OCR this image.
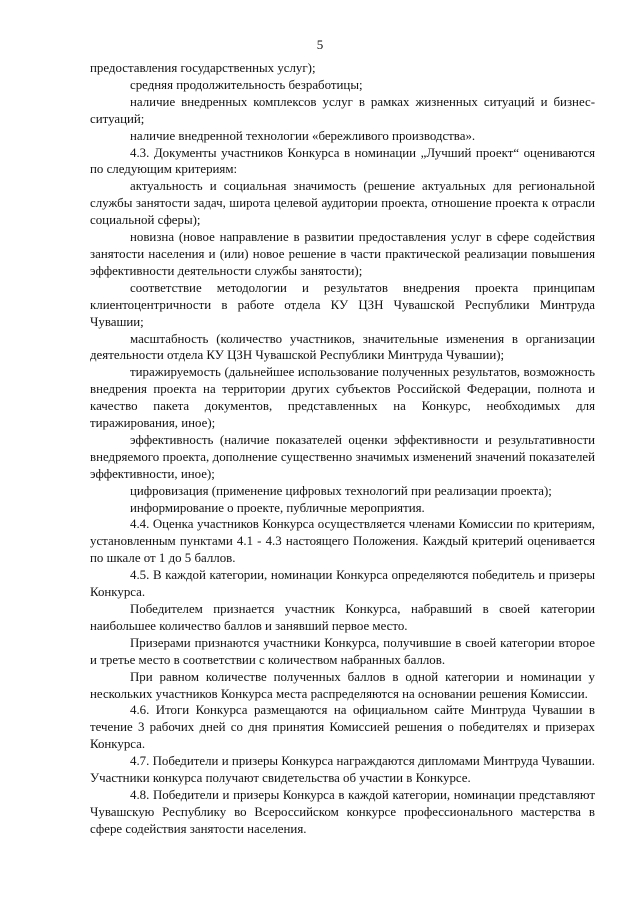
5

предоставления государственных услуг);

средняя продолжительность безработицы;

наличие внедренных комплексов услуг в рамках жизненных ситуаций и бизнес-ситуаций;

наличие внедренной технологии «бережливого производства».

4.3. Документы участников Конкурса в номинации „Лучший проект“ оцениваются по следующим критериям:

актуальность и социальная значимость (решение актуальных для региональной службы занятости задач, широта целевой аудитории проекта, отношение проекта к отрасли социальной сферы);

новизна (новое направление в развитии предоставления услуг в сфере содействия занятости населения и (или) новое решение в части практической реализации повышения эффективности деятельности службы занятости);

соответствие методологии и результатов внедрения проекта принципам клиентоцентричности в работе отдела КУ ЦЗН Чувашской Республики Минтруда Чувашии;

масштабность (количество участников, значительные изменения в организации деятельности отдела КУ ЦЗН Чувашской Республики Минтруда Чувашии);

тиражируемость (дальнейшее использование полученных результатов, возможность внедрения проекта на территории других субъектов Российской Федерации, полнота и качество пакета документов, представленных на Конкурс, необходимых для тиражирования, иное);

эффективность (наличие показателей оценки эффективности и результативности внедряемого проекта, дополнение существенно значимых изменений значений показателей эффективности, иное);

цифровизация (применение цифровых технологий при реализации проекта);

информирование о проекте, публичные мероприятия.

4.4. Оценка участников Конкурса осуществляется членами Комиссии по критериям, установленным пунктами 4.1 - 4.3 настоящего Положения. Каждый критерий оценивается по шкале от 1 до 5 баллов.

4.5. В каждой категории, номинации Конкурса определяются победитель и призеры Конкурса.

Победителем признается участник Конкурса, набравший в своей категории наибольшее количество баллов и занявший первое место.

Призерами признаются участники Конкурса, получившие в своей категории второе и третье место в соответствии с количеством набранных баллов.

При равном количестве полученных баллов в одной категории и номинации у нескольких участников Конкурса места распределяются на основании решения Комиссии.

4.6. Итоги Конкурса размещаются на официальном сайте Минтруда Чувашии в течение 3 рабочих дней со дня принятия Комиссией решения о победителях и призерах Конкурса.

4.7. Победители и призеры Конкурса награждаются дипломами Минтруда Чувашии. Участники конкурса получают свидетельства об участии в Конкурсе.

4.8. Победители и призеры Конкурса в каждой категории, номинации представляют Чувашскую Республику во Всероссийском конкурсе профессионального мастерства в сфере содействия занятости населения.
